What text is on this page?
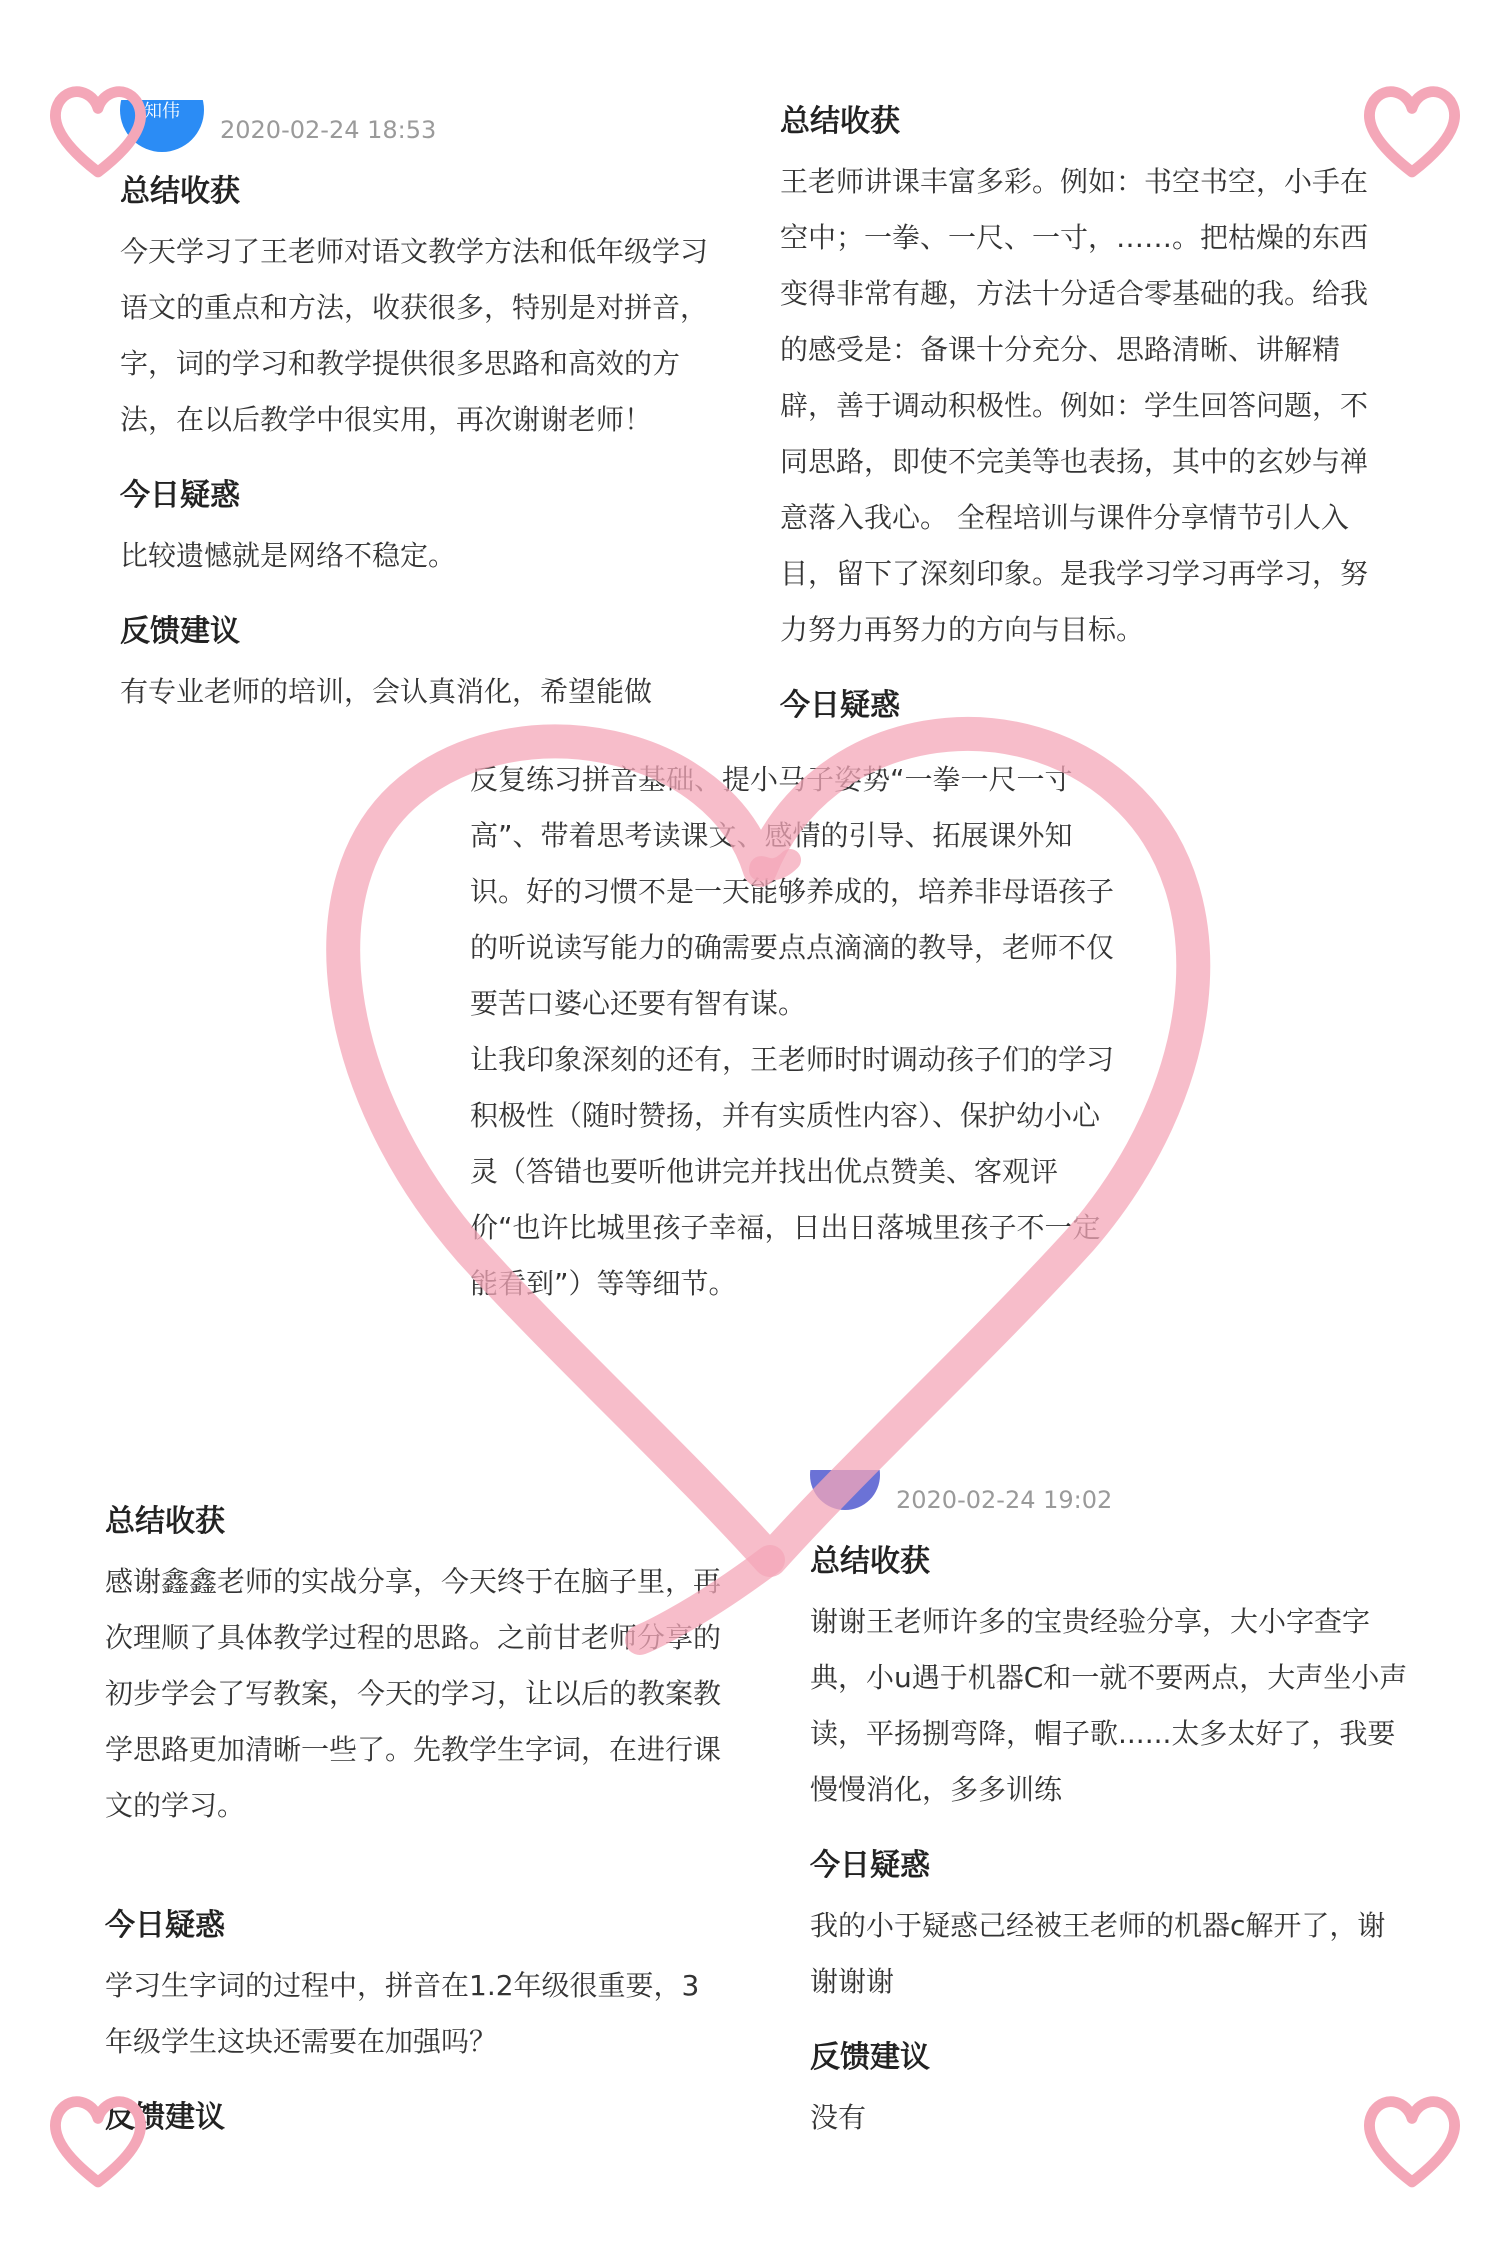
知伟
2020-02-24 18:53
总结收获

今天学习了王老师对语文教学方法和低年级学习语文的重点和方法，收获很多，特别是对拼音，字，词的学习和教学提供很多思路和高效的方法，在以后教学中很实用，再次谢谢老师！

今日疑惑

比较遗憾就是网络不稳定。

反馈建议

有专业老师的培训，会认真消化，希望能做

总结收获

王老师讲课丰富多彩。例如：书空书空，小手在空中；一拳、一尺、一寸，……。把枯燥的东西变得非常有趣，方法十分适合零基础的我。给我的感受是：备课十分充分、思路清晰、讲解精辟，善于调动积极性。例如：学生回答问题，不同思路，即使不完美等也表扬，其中的玄妙与禅意落入我心。 全程培训与课件分享情节引人入目，留下了深刻印象。是我学习学习再学习，努力努力再努力的方向与目标。

今日疑惑

反复练习拼音基础、提小马子姿势“一拳一尺一寸高”、带着思考读课文、感情的引导、拓展课外知识。好的习惯不是一天能够养成的，培养非母语孩子的听说读写能力的确需要点点滴滴的教导，老师不仅要苦口婆心还要有智有谋。

让我印象深刻的还有，王老师时时调动孩子们的学习积极性（随时赞扬，并有实质性内容）、保护幼小心灵（答错也要听他讲完并找出优点赞美、客观评价“也许比城里孩子幸福，日出日落城里孩子不一定能看到”）等等细节。

总结收获

感谢鑫鑫老师的实战分享，今天终于在脑子里，再次理顺了具体教学过程的思路。之前甘老师分享的初步学会了写教案，今天的学习，让以后的教案教学思路更加清晰一些了。先教学生字词，在进行课文的学习。

今日疑惑

学习生字词的过程中，拼音在1.2年级很重要，3年级学生这块还需要在加强吗？

反馈建议
2020-02-24 19:02
总结收获

谢谢王老师许多的宝贵经验分享，大小字查字典，小u遇于机器C和一就不要两点，大声坐小声读，平扬捌弯降，帽子歌......太多太好了，我要慢慢消化，多多训练

今日疑惑

我的小于疑惑己经被王老师的机器c解开了，谢谢谢谢

反馈建议

没有
